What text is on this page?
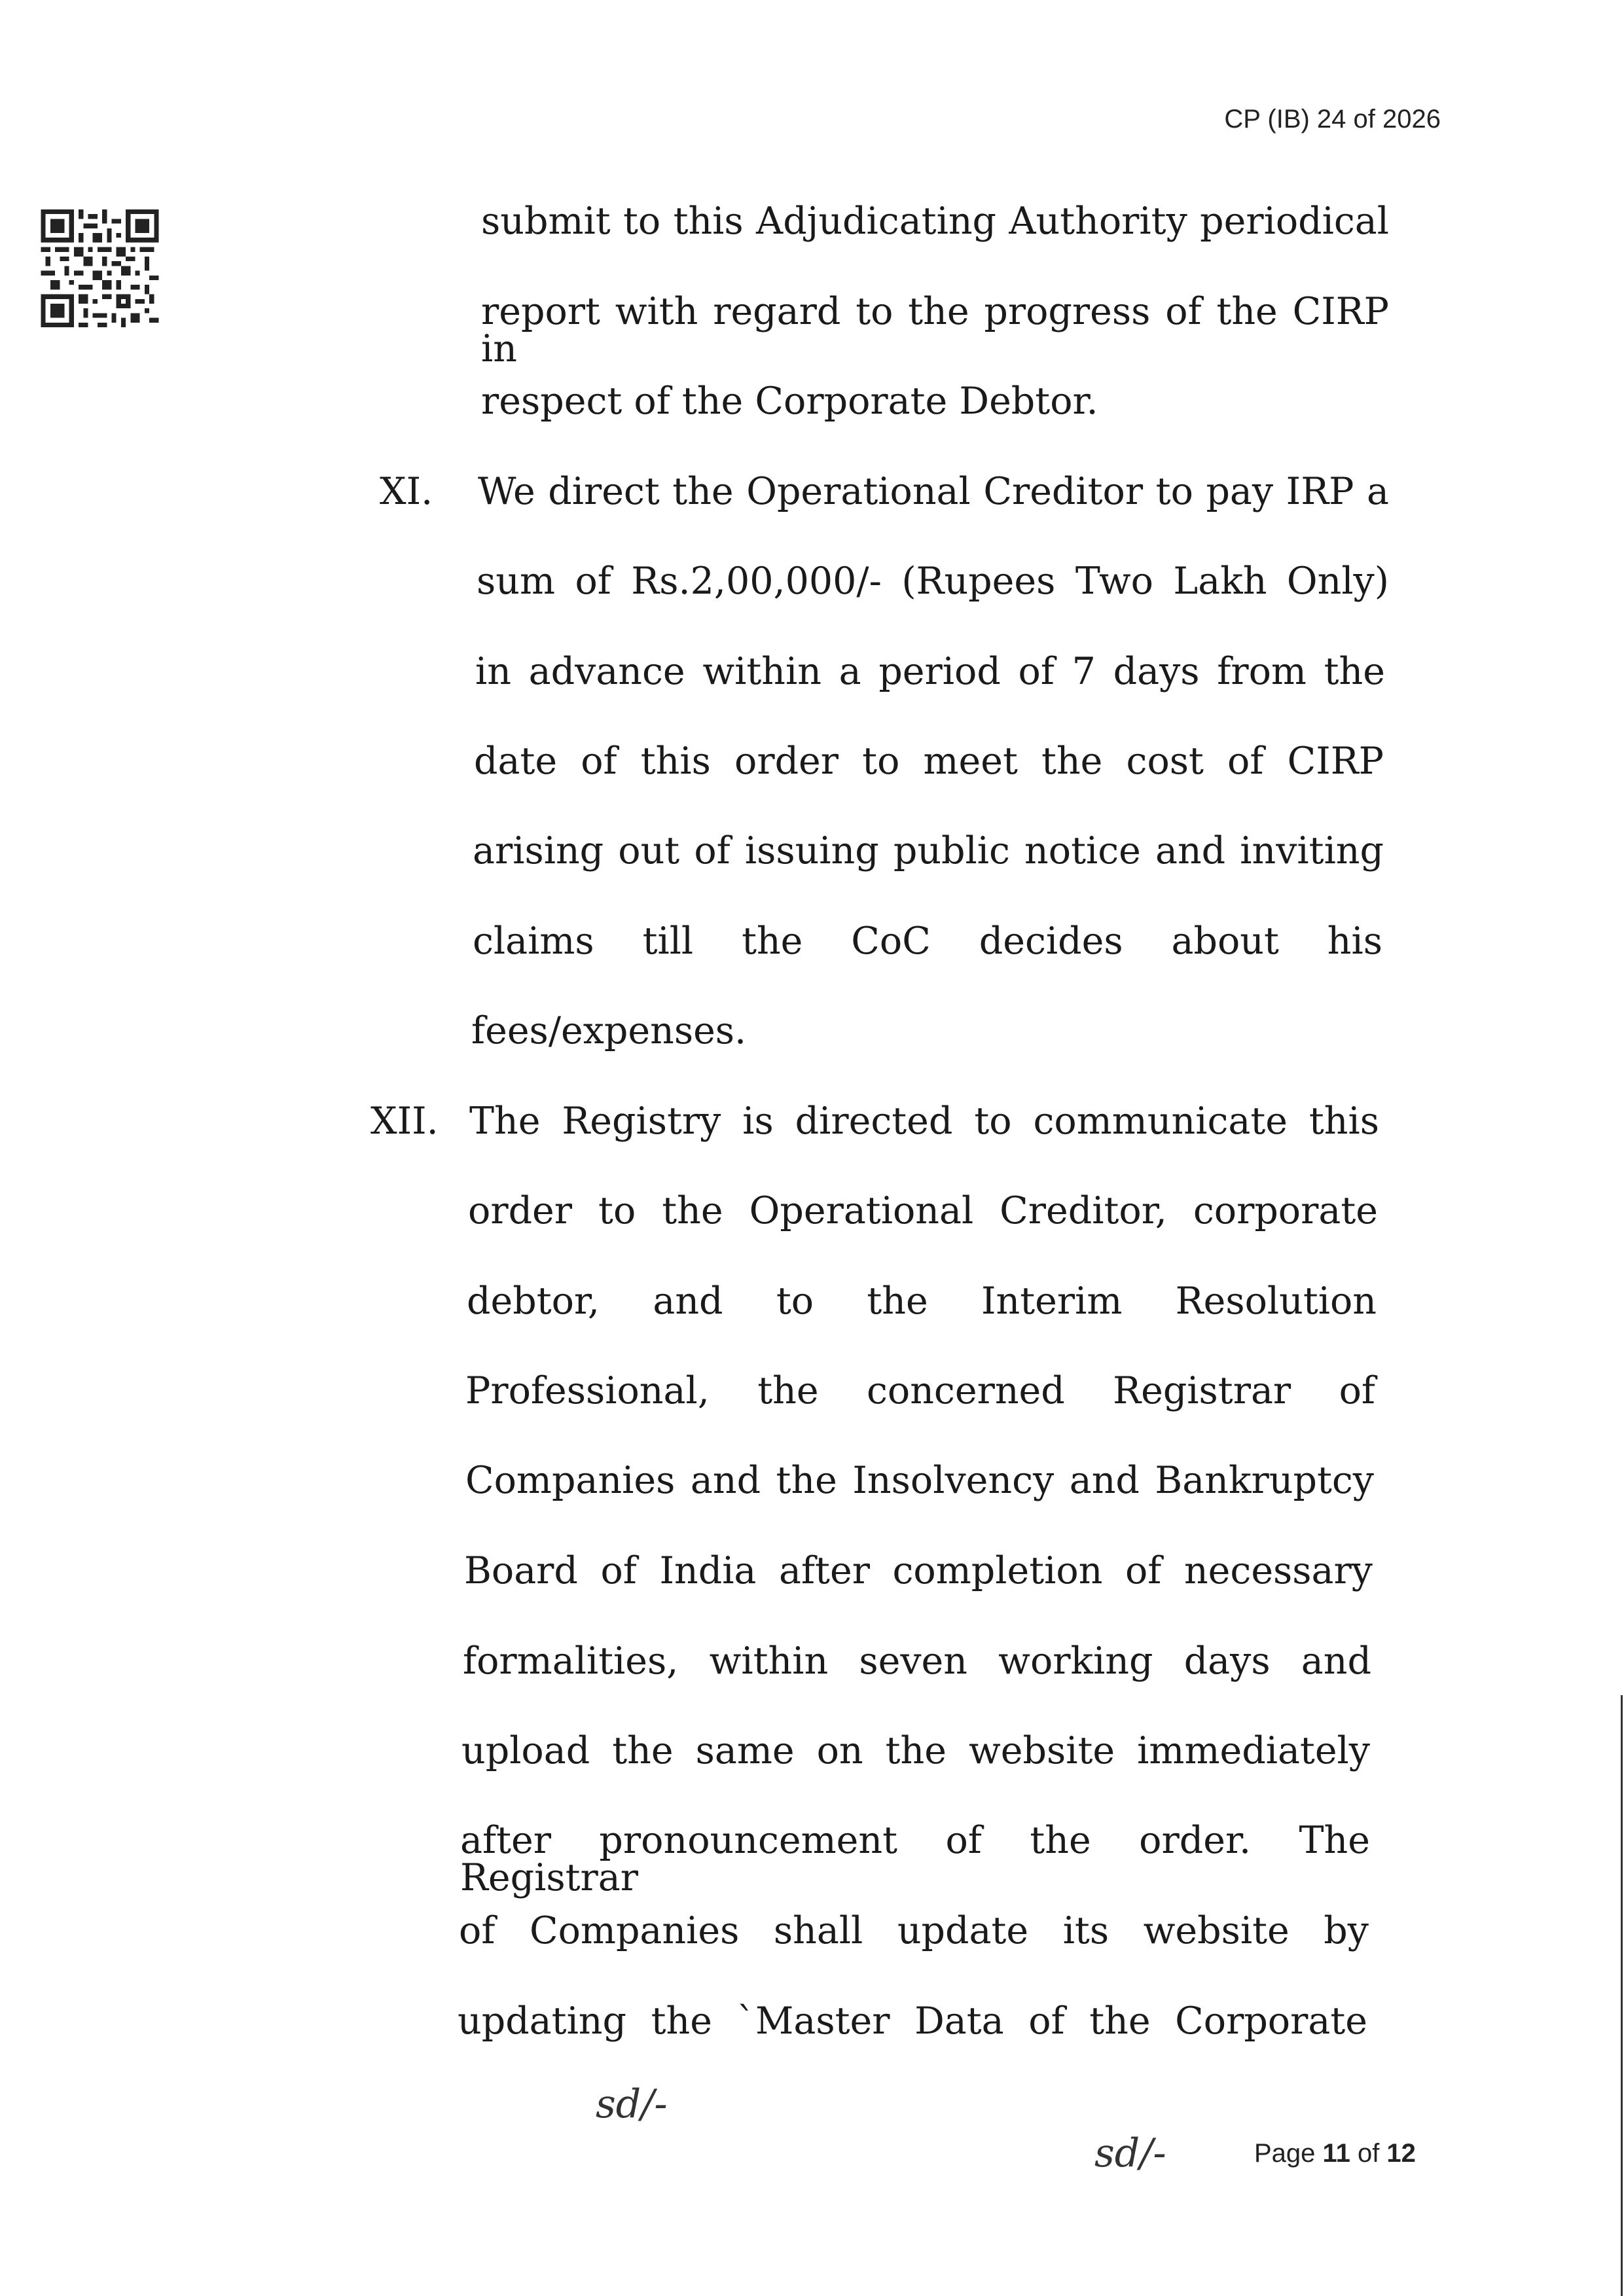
CP (IB) 24 of 2026
submit to this Adjudicating Authority periodical
report with regard to the progress of the CIRP in
respect of the Corporate Debtor.
We direct the Operational Creditor to pay IRP a
sum of Rs.2,00,000/- (Rupees Two Lakh Only)
in advance within a period of 7 days from the
date of this order to meet the cost of CIRP
arising out of issuing public notice and inviting
claims till the CoC decides about his
fees/expenses.
The Registry is directed to communicate this
order to the Operational Creditor, corporate
debtor, and to the Interim Resolution
Professional, the concerned Registrar of
Companies and the Insolvency and Bankruptcy
Board of India after completion of necessary
formalities, within seven working days and
upload the same on the website immediately
after pronouncement of the order. The Registrar
of Companies shall update its website by
updating the `Master Data of the Corporate
XI.
XII.
sd/-
sd/-	Page 11 of 12
